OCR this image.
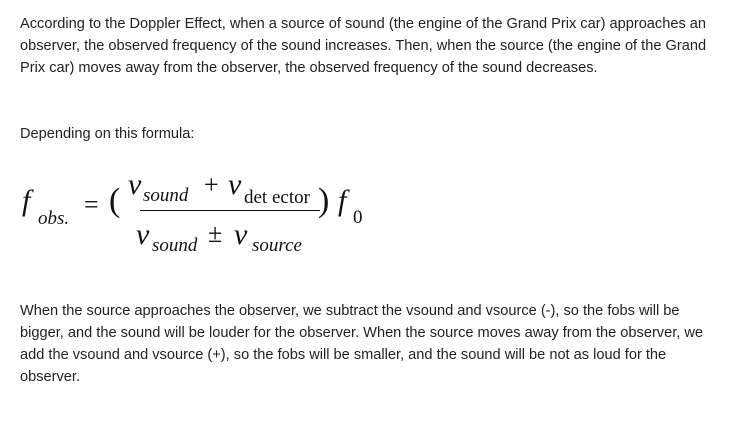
According to the Doppler Effect, when a source of sound (the engine of the Grand Prix car) approaches an observer, the observed frequency of the sound increases. Then, when the source (the engine of the Grand Prix car) moves away from the observer, the observed frequency of the sound decreases.

Depending on this formula:

f
obs. = ( v sound + v det ector
v sound ± v source
) f
0

When the source approaches the observer, we subtract the vsound and vsource (-), so the fobs will be bigger, and the sound will be louder for the observer. When the source moves away from the observer, we add the vsound and vsource (+), so the fobs will be smaller, and the sound will be not as loud for the observer.
